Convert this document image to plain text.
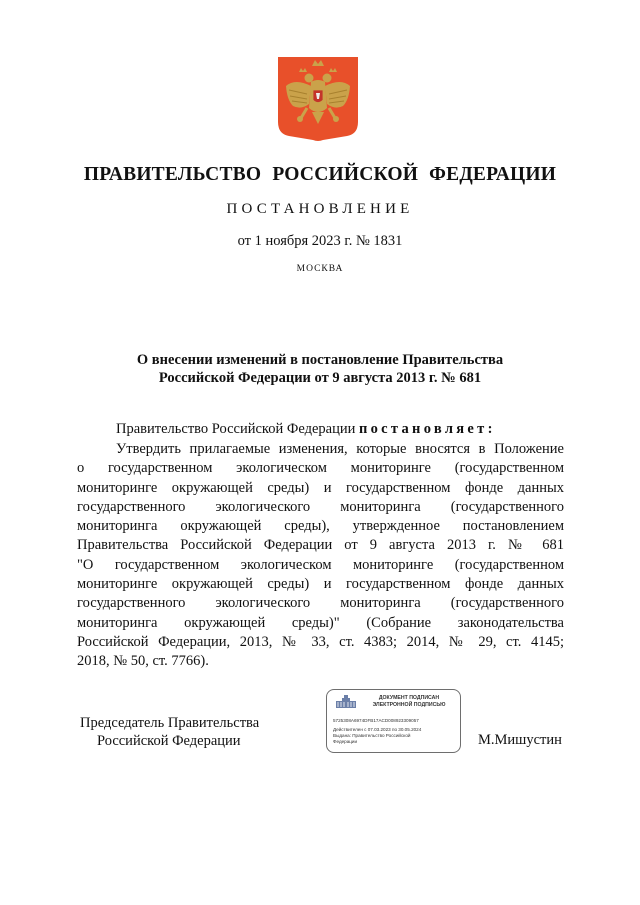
ПРАВИТЕЛЬСТВО РОССИЙСКОЙ ФЕДЕРАЦИИ
ПОСТАНОВЛЕНИЕ
от 1 ноября 2023 г. № 1831
МОСКВА
О внесении изменений в постановление Правительства
Российской Федерации от 9 августа 2013 г. № 681
Правительство Российской Федерации постановляет:
Утвердить прилагаемые изменения, которые вносятся в Положение
о государственном экологическом мониторинге (государственном
мониторинге окружающей среды) и государственном фонде данных
государственного экологического мониторинга (государственного
мониторинга окружающей среды), утвержденное постановлением
Правительства Российской Федерации от 9 августа 2013 г. № 681
"О государственном экологическом мониторинге (государственном
мониторинге окружающей среды) и государственном фонде данных
государственного экологического мониторинга (государственного
мониторинга окружающей среды)" (Собрание законодательства
Российской Федерации, 2013, № 33, ст. 4383; 2014, № 29, ст. 4145;
2018, № 50, ст. 7766).
Председатель Правительства
Российской Федерации
ДОКУМЕНТ ПОДПИСАН
ЭЛЕКТРОННОЙ ПОДПИСЬЮ
5725308A6974DFB17ACD008923309057
Действителен с 07.03.2023 по 30.05.2024
Выдана: Правительство Российской
Федерации	М.Мишустин
